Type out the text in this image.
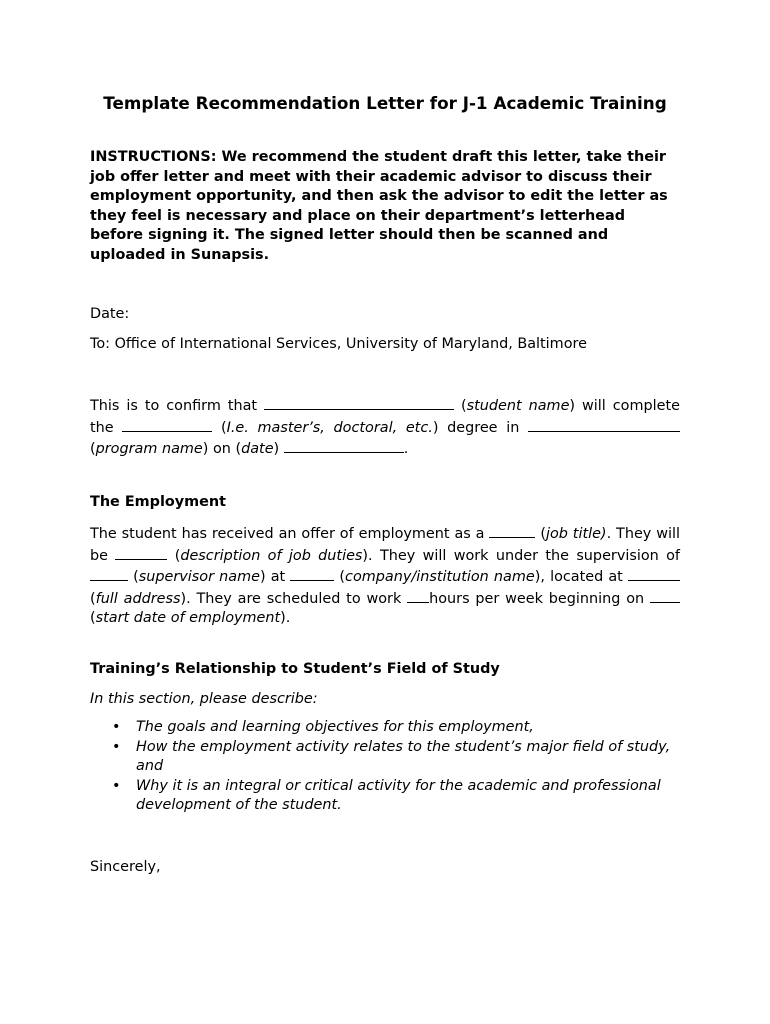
Template Recommendation Letter for J-1 Academic Training

INSTRUCTIONS: We recommend the student draft this letter, take their job offer letter and meet with their academic advisor to discuss their employment opportunity, and then ask the advisor to edit the letter as they feel is necessary and place on their department’s letterhead before signing it. The signed letter should then be scanned and uploaded in Sunapsis.

Date:

To: Office of International Services, University of Maryland, Baltimore

This is to confirm that	(student name) will complete the	(I.e. master’s, doctoral, etc.) degree in  (program name) on (date)	.

The Employment

The student has received an offer of employment as a	(job title). They will be	(description of job duties). They will work under the supervision of  (supervisor name) at	(company/institution name), located at (full address). They are scheduled to work hours per week beginning on  (start date of employment).

Training’s Relationship to Student’s Field of Study

In this section, please describe:

• The goals and learning objectives for this employment,
• How the employment activity relates to the student’s major field of study, and
• Why it is an integral or critical activity for the academic and professional development of the student.

Sincerely,
